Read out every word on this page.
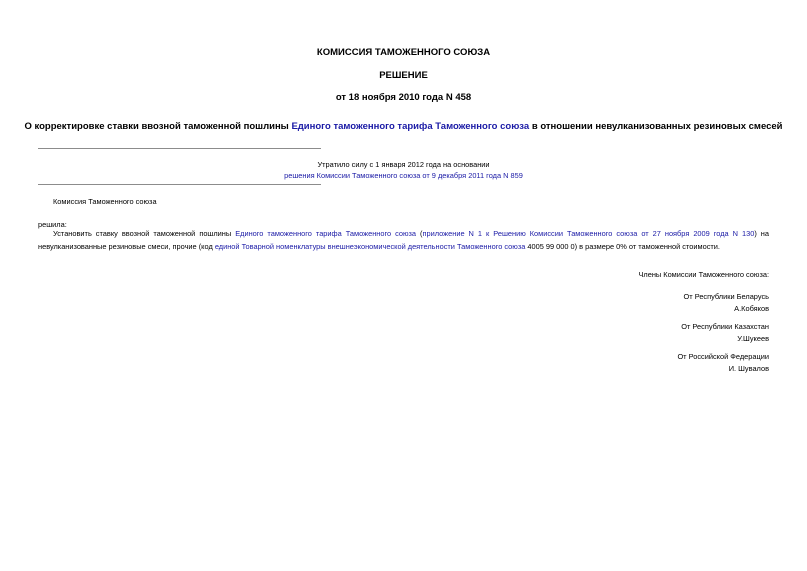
КОМИССИЯ ТАМОЖЕННОГО СОЮЗА
РЕШЕНИЕ
от 18 ноября 2010 года N 458
О корректировке ставки ввозной таможенной пошлины Единого таможенного тарифа Таможенного союза в отношении невулканизованных резиновых смесей
Утратило силу с 1 января 2012 года на основании
решения Комиссии Таможенного союза от 9 декабря 2011 года N 859
Комиссия Таможенного союза
решила:
Установить ставку ввозной таможенной пошлины Единого таможенного тарифа Таможенного союза (приложение N 1 к Решению Комиссии Таможенного союза от 27 ноября 2009 года N 130) на невулканизованные резиновые смеси, прочие (код единой Товарной номенклатуры внешнеэкономической деятельности Таможенного союза 4005 99 000 0) в размере 0% от таможенной стоимости.
Члены Комиссии Таможенного союза:
От Республики Беларусь
А.Кобяков
От Республики Казахстан
У.Шукеев
От Российской Федерации
И. Шувалов
